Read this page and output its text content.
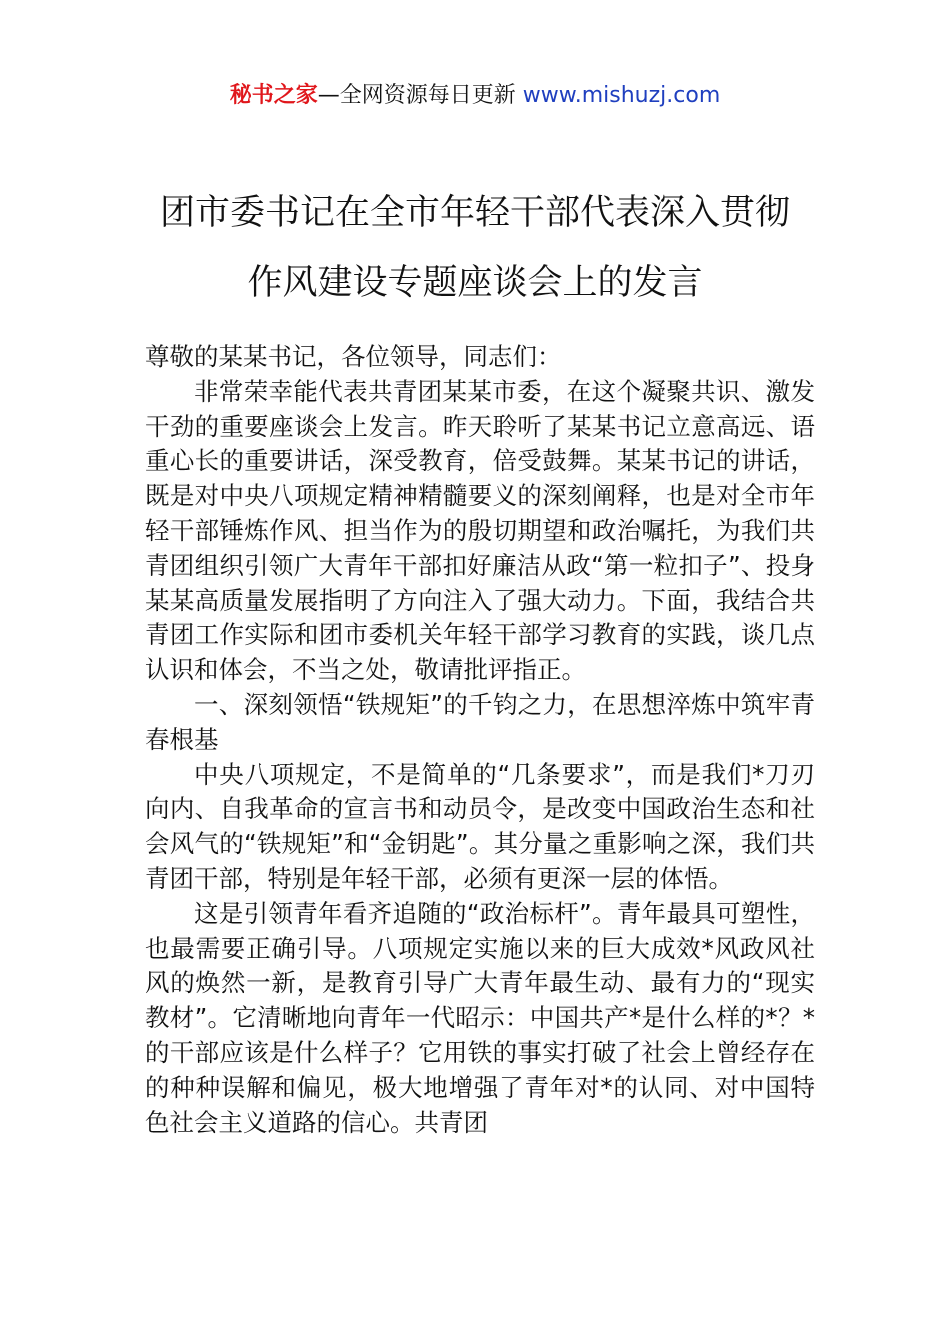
秘书之家—全网资源每日更新 www.mishuzj.com
团市委书记在全市年轻干部代表深入贯彻
作风建设专题座谈会上的发言

尊敬的某某书记，各位领导，同志们：

非常荣幸能代表共青团某某市委，在这个凝聚共识、激发干劲的重要座谈会上发言。昨天聆听了某某书记立意高远、语重心长的重要讲话，深受教育，倍受鼓舞。某某书记的讲话，既是对中央八项规定精神精髓要义的深刻阐释，也是对全市年轻干部锤炼作风、担当作为的殷切期望和政治嘱托，为我们共青团组织引领广大青年干部扣好廉洁从政“第一粒扣子”、投身某某高质量发展指明了方向注入了强大动力。下面，我结合共青团工作实际和团市委机关年轻干部学习教育的实践，谈几点认识和体会，不当之处，敬请批评指正。

一、深刻领悟“铁规矩”的千钧之力，在思想淬炼中筑牢青春根基

中央八项规定，不是简单的“几条要求”，而是我们*刀刃向内、自我革命的宣言书和动员令，是改变中国政治生态和社会风气的“铁规矩”和“金钥匙”。其分量之重影响之深，我们共青团干部，特别是年轻干部，必须有更深一层的体悟。

这是引领青年看齐追随的“政治标杆”。青年最具可塑性，也最需要正确引导。八项规定实施以来的巨大成效*风政风社风的焕然一新，是教育引导广大青年最生动、最有力的“现实教材”。它清晰地向青年一代昭示：中国共产*是什么样的*？*的干部应该是什么样子？它用铁的事实打破了社会上曾经存在的种种误解和偏见，极大地增强了青年对*的认同、对中国特色社会主义道路的信心。共青团
